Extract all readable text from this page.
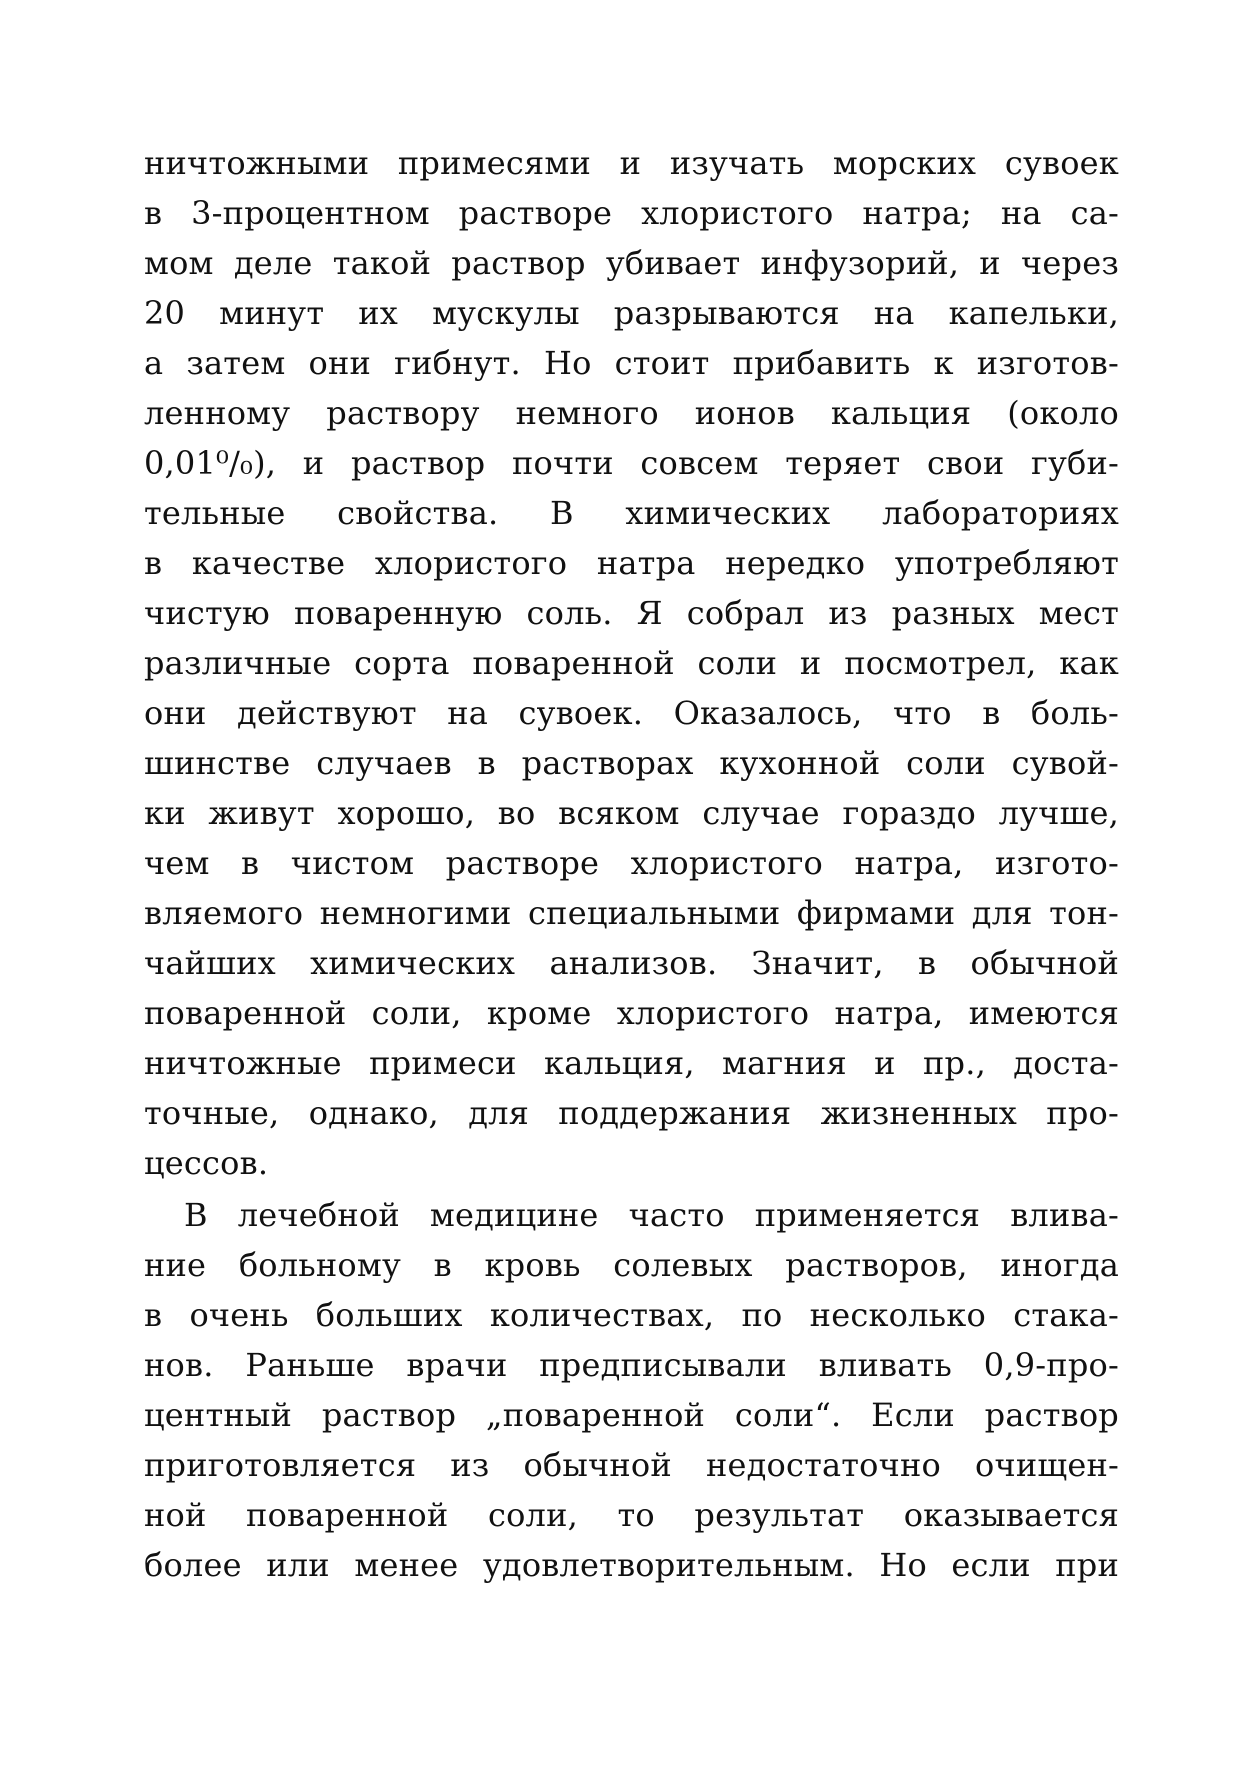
ничтожными примесями и изучать морских сувоек
в 3-процентном растворе хлористого натра; на са-
мом деле такой раствор убивает инфузорий, и через
20 минут их мускулы разрываются на капельки,
а затем они гибнут. Но стоит прибавить к изготов-
ленному раствору немного ионов кальция (около
0,01⁰/₀), и раствор почти совсем теряет свои губи-
тельные свойства. В химических лабораториях
в качестве хлористого натра нередко употребляют
чистую поваренную соль. Я собрал из разных мест
различные сорта поваренной соли и посмотрел, как
они действуют на сувоек. Оказалось, что в боль-
шинстве случаев в растворах кухонной соли сувой-
ки живут хорошо, во всяком случае гораздо лучше,
чем в чистом растворе хлористого натра, изгото-
вляемого немногими специальными фирмами для тон-
чайших химических анализов. Значит, в обычной
поваренной соли, кроме хлористого натра, имеются
ничтожные примеси кальция, магния и пр., доста-
точные, однако, для поддержания жизненных про-
цессов.
В лечебной медицине часто применяется влива-
ние больному в кровь солевых растворов, иногда
в очень больших количествах, по несколько стака-
нов. Раньше врачи предписывали вливать 0,9-про-
центный раствор „поваренной соли“. Если раствор
приготовляется из обычной недостаточно очищен-
ной поваренной соли, то результат оказывается
более или менее удовлетворительным. Но если при
